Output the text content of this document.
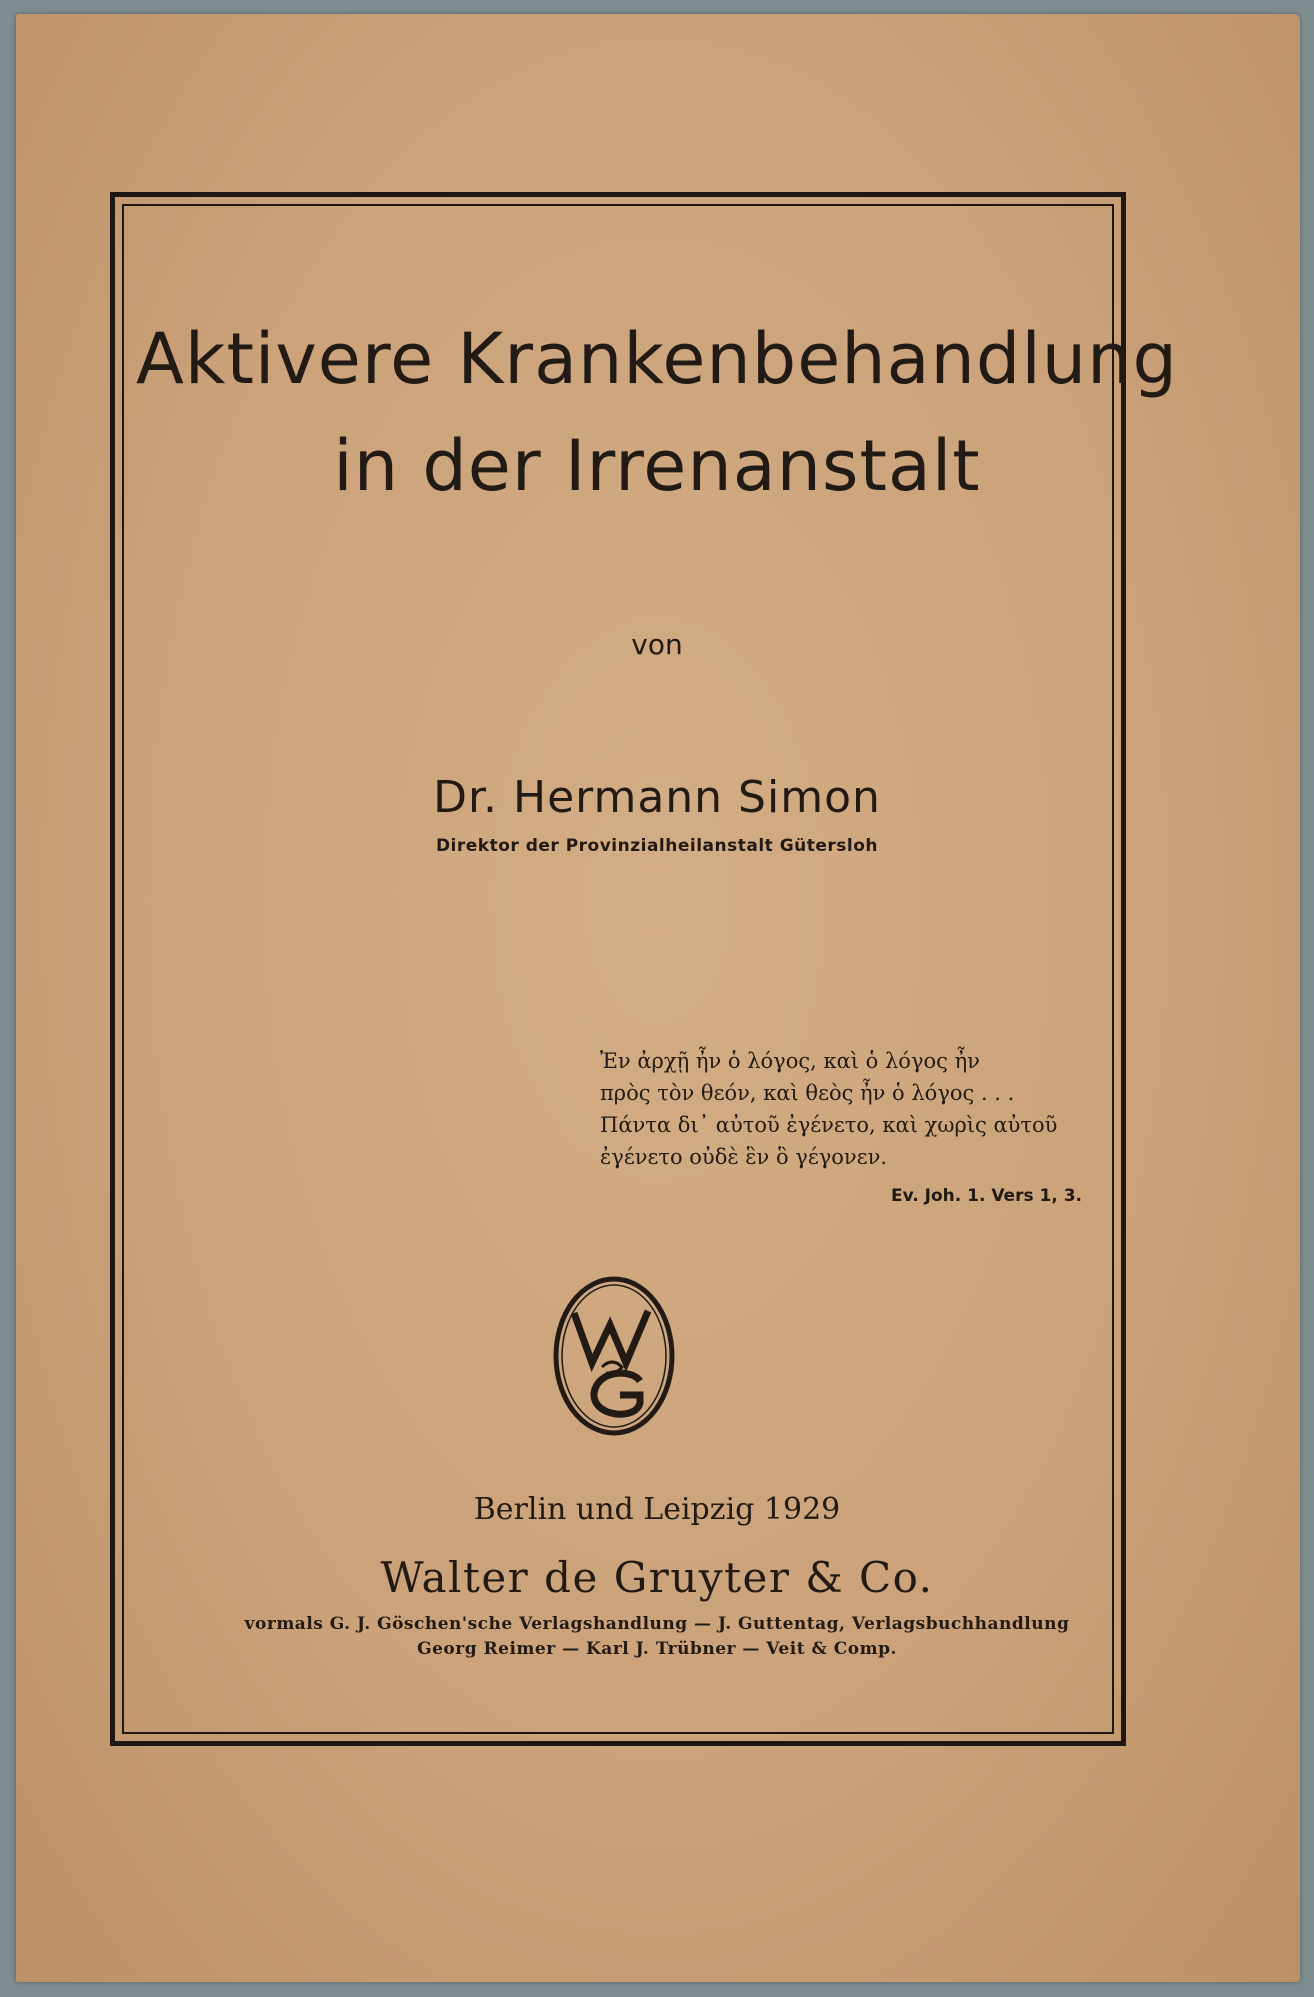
Aktivere Krankenbehandlung
in der Irrenanstalt
von
Dr. Hermann Simon
Direktor der Provinzialheilanstalt Gütersloh
Ἐν ἀρχῇ ἦν ὁ λόγος, καὶ ὁ λόγος ἦν
πρὸς τὸν θεόν, καὶ θεὸς ἦν ὁ λόγος . . .
Πάντα δι᾽ αὐτοῦ ἐγένετο, καὶ χωρὶς αὐτοῦ
ἐγένετο οὐδὲ ἓν ὃ γέγονεν.
Ev. Joh. 1. Vers 1, 3.
Berlin und Leipzig 1929
Walter de Gruyter & Co.
vormals G. J. Göschen'sche Verlagshandlung — J. Guttentag, Verlagsbuchhandlung
Georg Reimer — Karl J. Trübner — Veit & Comp.
